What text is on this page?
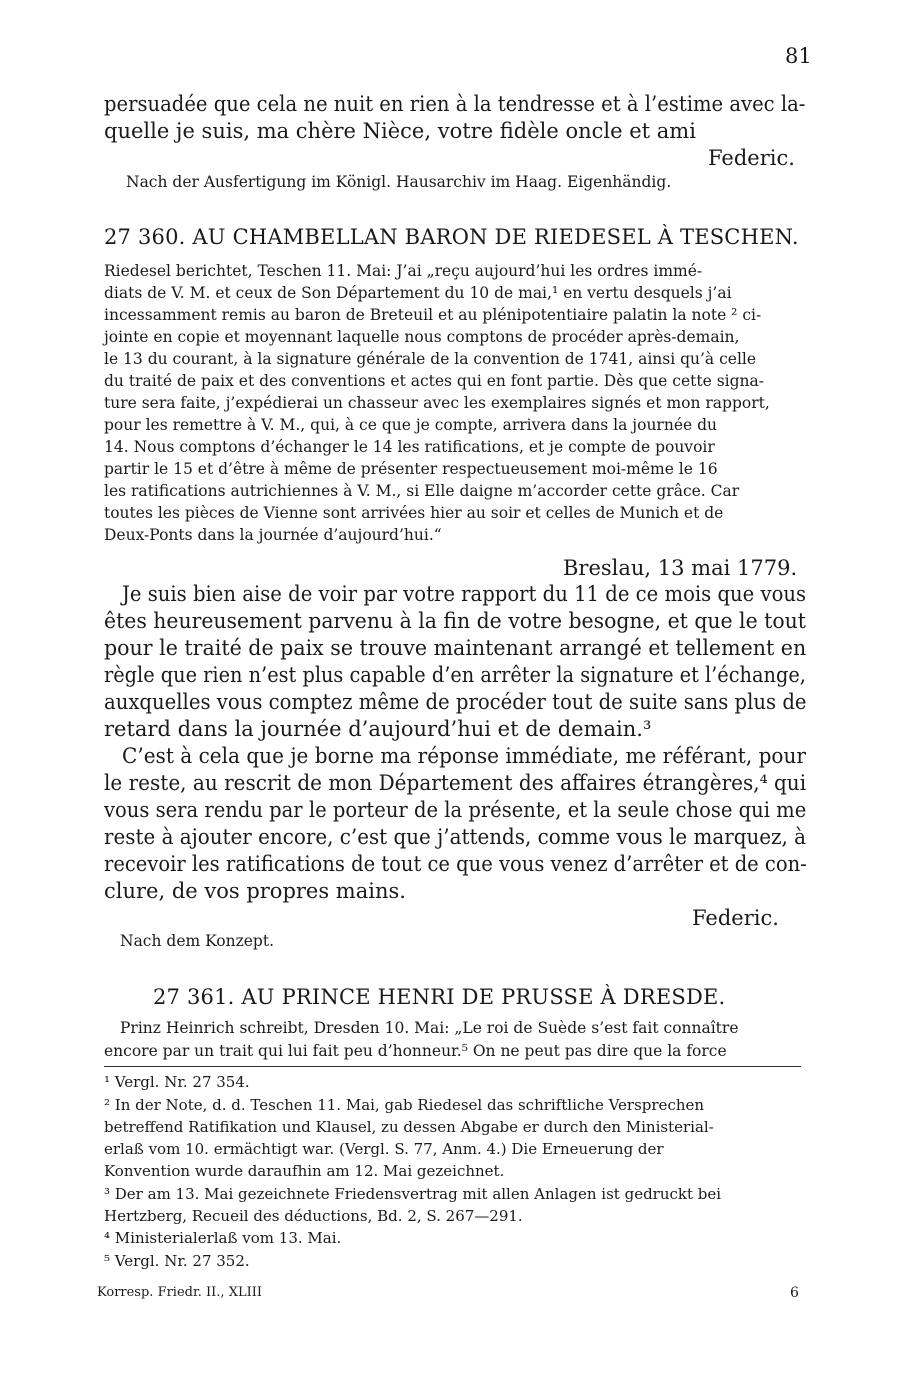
81
persuadée que cela ne nuit en rien à la tendresse et à l’estime avec la-
quelle je suis, ma chère Nièce, votre fidèle oncle et ami
Federic.
Nach der Ausfertigung im Königl. Hausarchiv im Haag. Eigenhändig.
27 360. AU CHAMBELLAN BARON DE RIEDESEL À TESCHEN.
Riedesel berichtet, Teschen 11. Mai: J’ai „reçu aujourd’hui les ordres immé-
diats de V. M. et ceux de Son Département du 10 de mai,¹ en vertu desquels j’ai
incessamment remis au baron de Breteuil et au plénipotentiaire palatin la note ² ci-
jointe en copie et moyennant laquelle nous comptons de procéder après-demain,
le 13 du courant, à la signature générale de la convention de 1741, ainsi qu’à celle
du traité de paix et des conventions et actes qui en font partie. Dès que cette signa-
ture sera faite, j’expédierai un chasseur avec les exemplaires signés et mon rapport,
pour les remettre à V. M., qui, à ce que je compte, arrivera dans la journée du
14. Nous comptons d’échanger le 14 les ratifications, et je compte de pouvoir
partir le 15 et d’être à même de présenter respectueusement moi-même le 16
les ratifications autrichiennes à V. M., si Elle daigne m’accorder cette grâce. Car
toutes les pièces de Vienne sont arrivées hier au soir et celles de Munich et de
Deux-Ponts dans la journée d’aujourd’hui.“
Breslau, 13 mai 1779.
Je suis bien aise de voir par votre rapport du 11 de ce mois que vous
êtes heureusement parvenu à la fin de votre besogne, et que le tout
pour le traité de paix se trouve maintenant arrangé et tellement en
règle que rien n’est plus capable d’en arrêter la signature et l’échange,
auxquelles vous comptez même de procéder tout de suite sans plus de
retard dans la journée d’aujourd’hui et de demain.³
C’est à cela que je borne ma réponse immédiate, me référant, pour
le reste, au rescrit de mon Département des affaires étrangères,⁴ qui
vous sera rendu par le porteur de la présente, et la seule chose qui me
reste à ajouter encore, c’est que j’attends, comme vous le marquez, à
recevoir les ratifications de tout ce que vous venez d’arrêter et de con-
clure, de vos propres mains.
Federic.
Nach dem Konzept.
27 361. AU PRINCE HENRI DE PRUSSE À DRESDE.
Prinz Heinrich schreibt, Dresden 10. Mai: „Le roi de Suède s’est fait connaître
encore par un trait qui lui fait peu d’honneur.⁵ On ne peut pas dire que la force
¹ Vergl. Nr. 27 354.
² In der Note, d. d. Teschen 11. Mai, gab Riedesel das schriftliche Versprechen
betreffend Ratifikation und Klausel, zu dessen Abgabe er durch den Ministerial-
erlaß vom 10. ermächtigt war. (Vergl. S. 77, Anm. 4.) Die Erneuerung der
Konvention wurde daraufhin am 12. Mai gezeichnet.
³ Der am 13. Mai gezeichnete Friedensvertrag mit allen Anlagen ist gedruckt bei
Hertzberg, Recueil des déductions, Bd. 2, S. 267—291.
⁴ Ministerialerlaß vom 13. Mai.
⁵ Vergl. Nr. 27 352.
Korresp. Friedr. II., XLIII	6
